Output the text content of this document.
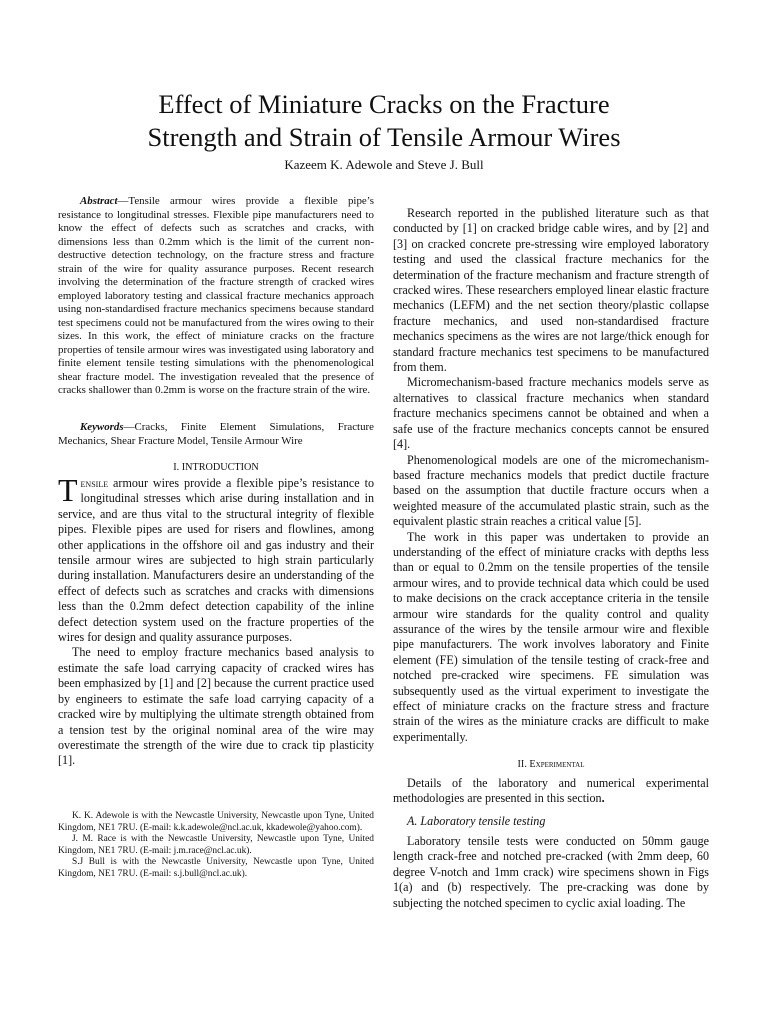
Effect of Miniature Cracks on the Fracture
Strength and Strain of Tensile Armour Wires
Kazeem K. Adewole and Steve J. Bull

Abstract—Tensile armour wires provide a flexible pipe’s resistance to longitudinal stresses. Flexible pipe manufacturers need to know the effect of defects such as scratches and cracks, with dimensions less than 0.2mm which is the limit of the current non-destructive detection technology, on the fracture stress and fracture strain of the wire for quality assurance purposes. Recent research involving the determination of the fracture strength of cracked wires employed laboratory testing and classical fracture mechanics approach using non-standardised fracture mechanics specimens because standard test specimens could not be manufactured from the wires owing to their sizes. In this work, the effect of miniature cracks on the fracture properties of tensile armour wires was investigated using laboratory and finite element tensile testing simulations with the phenomenological shear fracture model. The investigation revealed that the presence of cracks shallower than 0.2mm is worse on the fracture strain of the wire.

Keywords—Cracks, Finite Element Simulations, Fracture Mechanics, Shear Fracture Model, Tensile Armour Wire

I. INTRODUCTION

Tensile armour wires provide a flexible pipe’s resistance to longitudinal stresses which arise during installation and in service, and are thus vital to the structural integrity of flexible pipes. Flexible pipes are used for risers and flowlines, among other applications in the offshore oil and gas industry and their tensile armour wires are subjected to high strain particularly during installation. Manufacturers desire an understanding of the effect of defects such as scratches and cracks with dimensions less than the 0.2mm defect detection capability of the inline defect detection system used on the fracture properties of the wires for design and quality assurance purposes.

The need to employ fracture mechanics based analysis to estimate the safe load carrying capacity of cracked wires has been emphasized by [1] and [2] because the current practice used by engineers to estimate the safe load carrying capacity of a cracked wire by multiplying the ultimate strength obtained from a tension test by the original nominal area of the wire may overestimate the strength of the wire due to crack tip plasticity [1].

K. K. Adewole is with the Newcastle University, Newcastle upon Tyne, United Kingdom, NE1 7RU. (E-mail: k.k.adewole@ncl.ac.uk, kkadewole@yahoo.com).

J. M. Race is with the Newcastle University, Newcastle upon Tyne, United Kingdom, NE1 7RU. (E-mail: j.m.race@ncl.ac.uk).

S.J Bull is with the Newcastle University, Newcastle upon Tyne, United Kingdom, NE1 7RU. (E-mail: s.j.bull@ncl.ac.uk).

Research reported in the published literature such as that conducted by [1] on cracked bridge cable wires, and by [2] and [3] on cracked concrete pre-stressing wire employed laboratory testing and used the classical fracture mechanics for the determination of the fracture mechanism and fracture strength of cracked wires. These researchers employed linear elastic fracture mechanics (LEFM) and the net section theory/plastic collapse fracture mechanics, and used non-standardised fracture mechanics specimens as the wires are not large/thick enough for standard fracture mechanics test specimens to be manufactured from them.

Micromechanism-based fracture mechanics models serve as alternatives to classical fracture mechanics when standard fracture mechanics specimens cannot be obtained and when a safe use of the fracture mechanics concepts cannot be ensured [4].

Phenomenological models are one of the micromechanism-based fracture mechanics models that predict ductile fracture based on the assumption that ductile fracture occurs when a weighted measure of the accumulated plastic strain, such as the equivalent plastic strain reaches a critical value [5].

The work in this paper was undertaken to provide an understanding of the effect of miniature cracks with depths less than or equal to 0.2mm on the tensile properties of the tensile armour wires, and to provide technical data which could be used to make decisions on the crack acceptance criteria in the tensile armour wire standards for the quality control and quality assurance of the wires by the tensile armour wire and flexible pipe manufacturers. The work involves laboratory and Finite element (FE) simulation of the tensile testing of crack-free and notched pre-cracked wire specimens. FE simulation was subsequently used as the virtual experiment to investigate the effect of miniature cracks on the fracture stress and fracture strain of the wires as the miniature cracks are difficult to make experimentally.

II. Experimental

Details of the laboratory and numerical experimental methodologies are presented in this section.

A. Laboratory tensile testing

Laboratory tensile tests were conducted on 50mm gauge length crack-free and notched pre-cracked (with 2mm deep, 60 degree V-notch and 1mm crack) wire specimens shown in Figs 1(a) and (b) respectively. The pre-cracking was done by subjecting the notched specimen to cyclic axial loading. The
